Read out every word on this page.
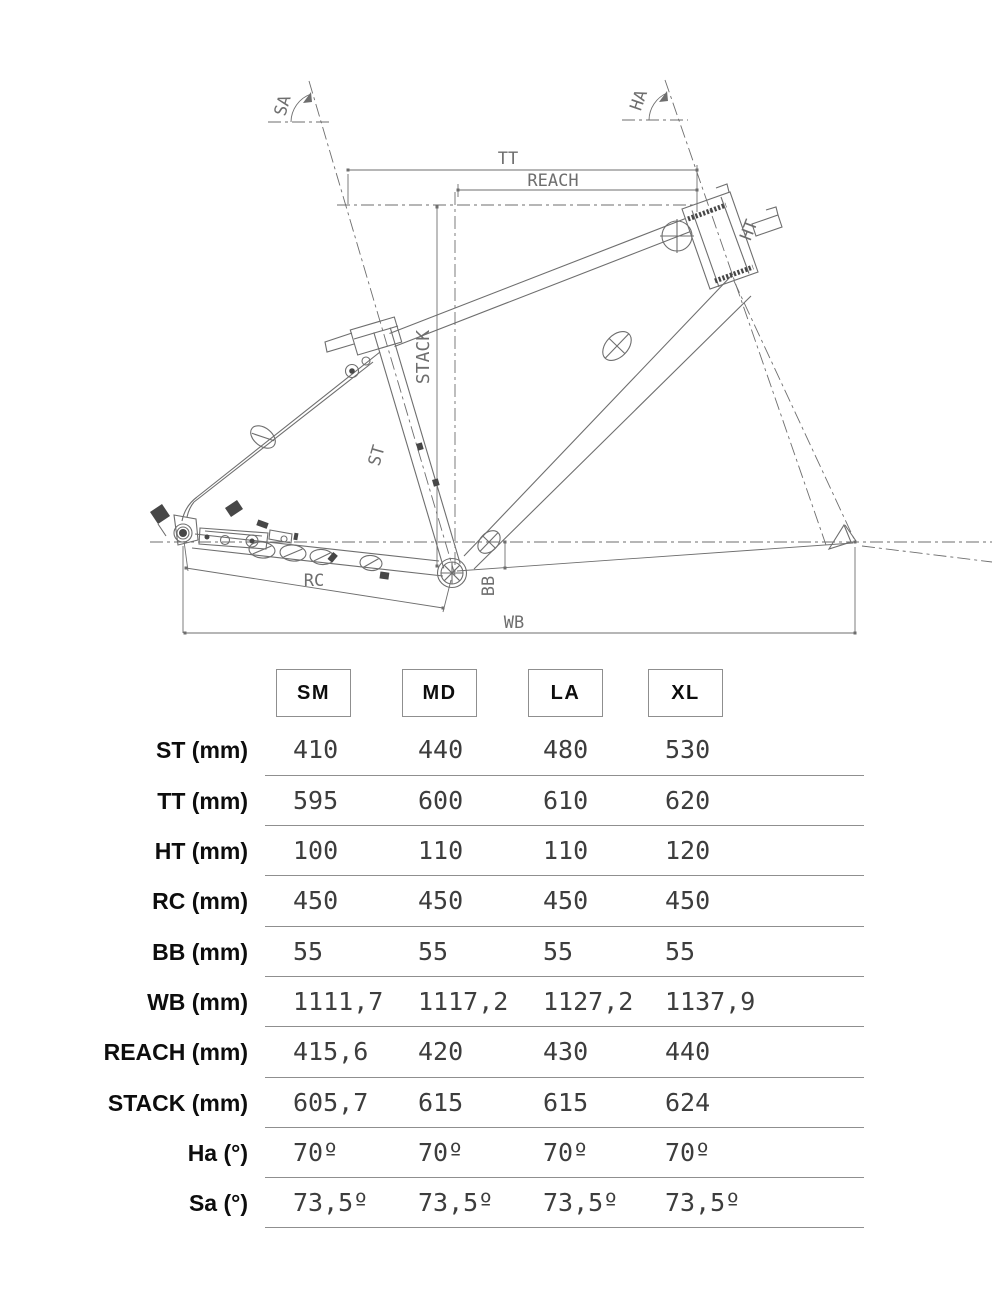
SA	HA
TT
REACH
STACK
ST
HT
RC	BB
WB
SM	MD	LA	XL
ST (mm) 410	440	480	530
TT (mm) 595	600	610	620
HT (mm) 100	110	110	120
RC (mm) 450	450	450	450
BB (mm) 55	55	55	55
WB (mm) 1111,7 1117,2 1127,2 1137,9
REACH (mm) 415,6 420	430	440
STACK (mm) 605,7 615	615	624
Ha (°) 70º	70º	70º	70º
Sa (°) 73,5º 73,5º 73,5º 73,5º
